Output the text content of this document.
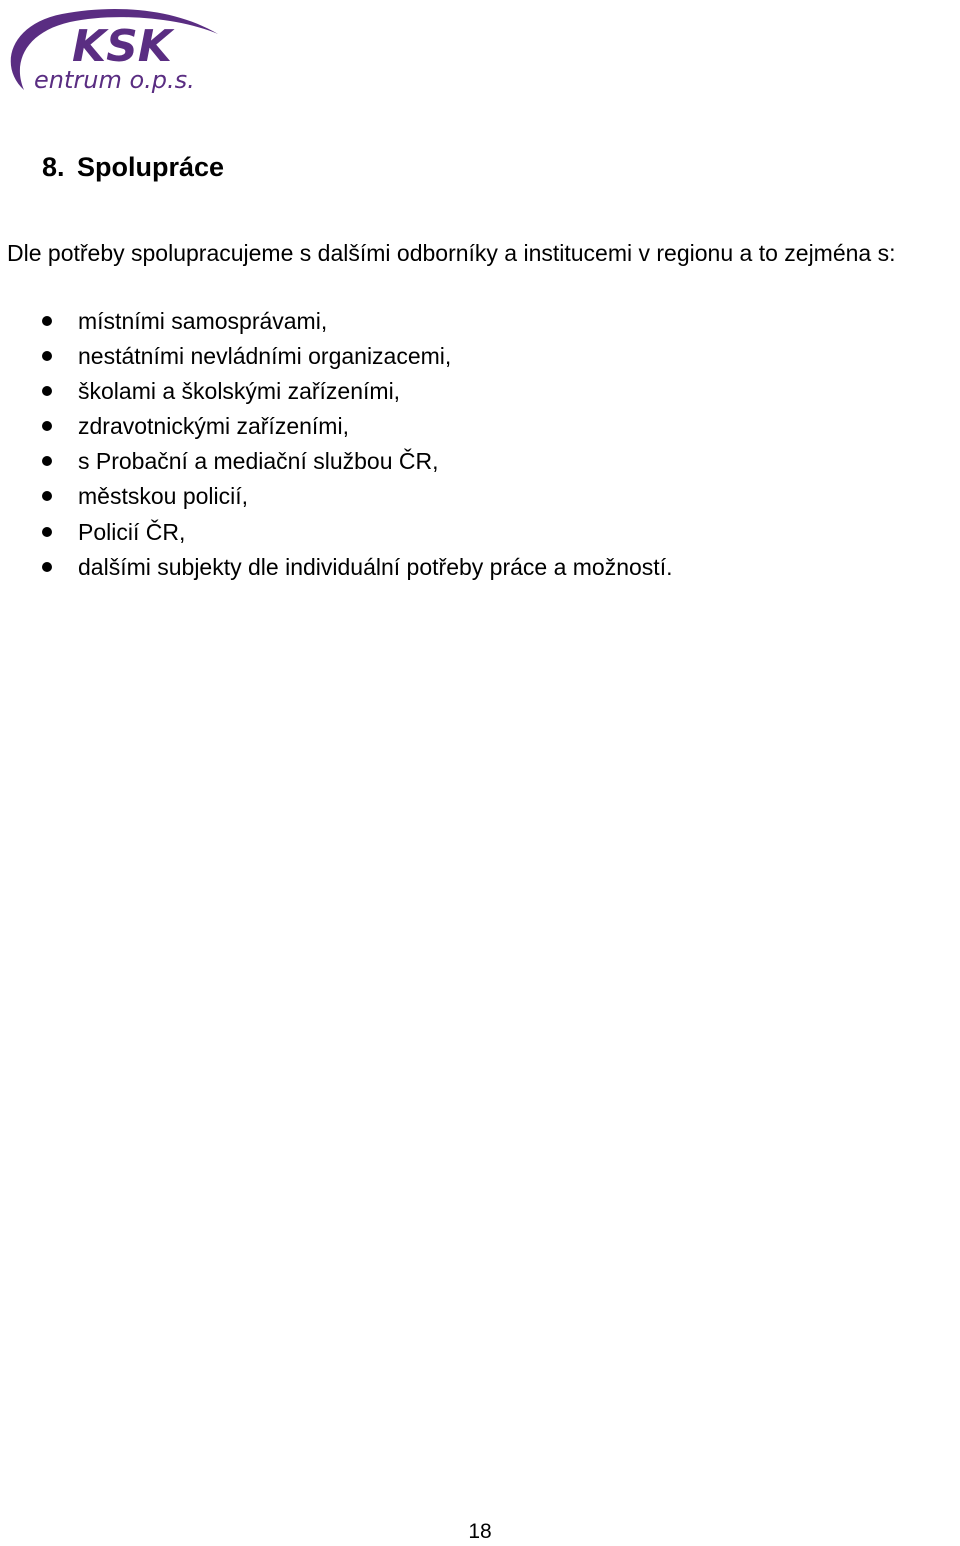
KSK
entrum o.p.s.
8. Spolupráce

Dle potřeby spolupracujeme s dalšími odborníky a institucemi v regionu a to zejména s:

místními samosprávami,
nestátními nevládními organizacemi,
školami a školskými zařízeními,
zdravotnickými zařízeními,
s Probační a mediační službou ČR,
městskou policií,
Policií ČR,
dalšími subjekty dle individuální potřeby práce a možností.
18
